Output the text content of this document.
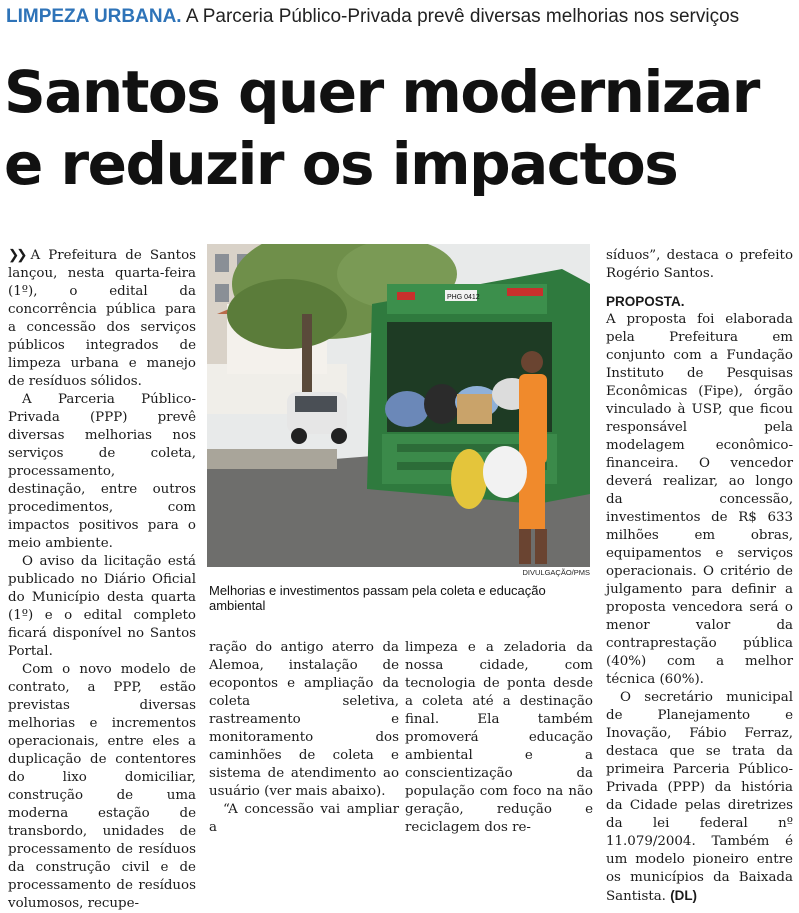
LIMPEZA URBANA. A Parceria Público-Privada prevê diversas melhorias nos serviços
Santos quer modernizar e reduzir os impactos

❯❯ A Prefeitura de Santos lançou, nesta quarta-feira (1º), o edital da concorrência pública para a concessão dos serviços públicos integrados de limpeza urbana e manejo de resíduos sólidos.

A Parceria Público-Privada (PPP) prevê diversas melhorias nos serviços de coleta, processamento, destinação, entre outros procedimentos, com impactos positivos para o meio ambiente.

O aviso da licitação está publicado no Diário Oficial do Município desta quarta (1º) e o edital completo ficará disponível no Santos Portal.

Com o novo modelo de contrato, a PPP, estão previstas diversas melhorias e incrementos operacionais, entre eles a duplicação de contentores do lixo domiciliar, construção de uma moderna estação de transbordo, unidades de processamento de resíduos da construção civil e de processamento de resíduos volumosos, recupe-

PHG 0412
DIVULGAÇÃO/PMS
Melhorias e investimentos passam pela coleta e educação ambiental

ração do antigo aterro da Alemoa, instalação de ecopontos e ampliação da coleta seletiva, rastreamento e monitoramento dos caminhões de coleta e sistema de atendimento ao usuário (ver mais abaixo).

“A concessão vai ampliar a

limpeza e a zeladoria da nossa cidade, com tecnologia de ponta desde a coleta até a destinação final. Ela também promoverá educação ambiental e a conscientização da população com foco na não geração, redução e reciclagem dos re-

síduos”, destaca o prefeito Rogério Santos.

PROPOSTA.

A proposta foi elaborada pela Prefeitura em conjunto com a Fundação Instituto de Pesquisas Econômicas (Fipe), órgão vinculado à USP, que ficou responsável pela modelagem econômico-financeira. O vencedor deverá realizar, ao longo da concessão, investimentos de R$ 633 milhões em obras, equipamentos e serviços operacionais. O critério de julgamento para definir a proposta vencedora será o menor valor da contraprestação pública (40%) com a melhor técnica (60%).

O secretário municipal de Planejamento e Inovação, Fábio Ferraz, destaca que se trata da primeira Parceria Público-Privada (PPP) da história da Cidade pelas diretrizes da lei federal nº 11.079/2004. Também é um modelo pioneiro entre os municípios da Baixada Santista. (DL)
